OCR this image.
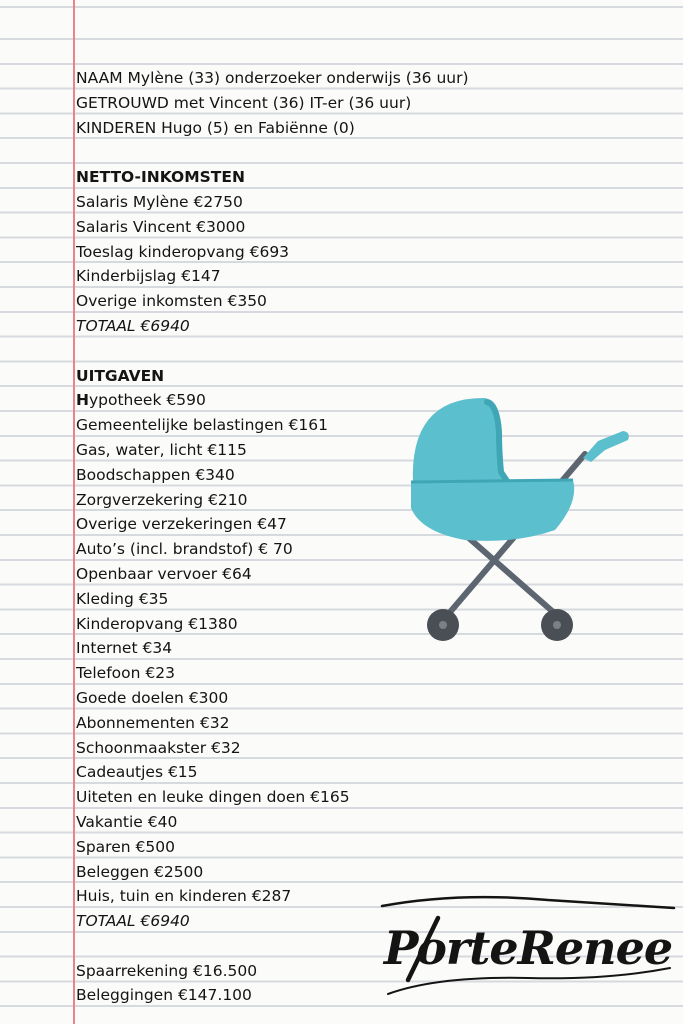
NAAM Mylène (33) onderzoeker onderwijs (36 uur)
GETROUWD met Vincent (36) IT-er (36 uur)
KINDEREN Hugo (5) en Fabiënne (0)
NETTO-INKOMSTEN
Salaris Mylène €2750
Salaris Vincent €3000
Toeslag kinderopvang €693
Kinderbijslag €147
Overige inkomsten €350
TOTAAL €6940
UITGAVEN
Hypotheek €590
Gemeentelijke belastingen €161
Gas, water, licht €115
Boodschappen €340
Zorgverzekering €210
Overige verzekeringen €47
Auto’s (incl. brandstof) € 70
Openbaar vervoer €64
Kleding €35
Kinderopvang €1380
Internet €34
Telefoon €23
Goede doelen €300
Abonnementen €32
Schoonmaakster €32
Cadeautjes €15
Uiteten en leuke dingen doen €165
Vakantie €40
Sparen €500
Beleggen €2500
Huis, tuin en kinderen €287
TOTAAL €6940
Spaarrekening €16.500
Beleggingen €147.100
PorteRenee
